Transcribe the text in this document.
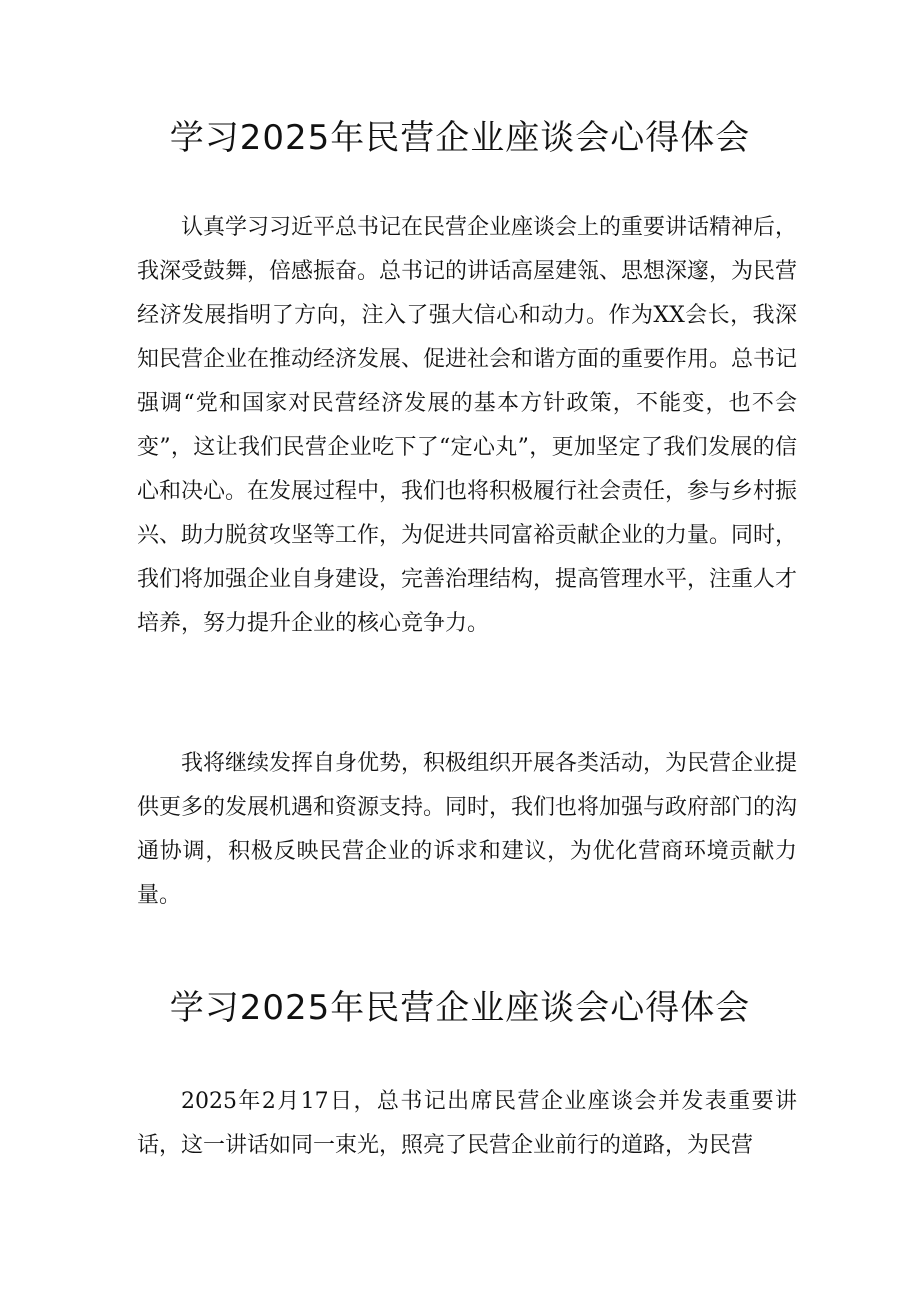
学习2025年民营企业座谈会心得体会

认真学习习近平总书记在民营企业座谈会上的重要讲话精神后，我深受鼓舞，倍感振奋。总书记的讲话高屋建瓴、思想深邃，为民营经济发展指明了方向，注入了强大信心和动力。作为XX会长，我深知民营企业在推动经济发展、促进社会和谐方面的重要作用。总书记强调“党和国家对民营经济发展的基本方针政策，不能变，也不会变”，这让我们民营企业吃下了“定心丸”，更加坚定了我们发展的信心和决心。在发展过程中，我们也将积极履行社会责任，参与乡村振兴、助力脱贫攻坚等工作，为促进共同富裕贡献企业的力量。同时，我们将加强企业自身建设，完善治理结构，提高管理水平，注重人才培养，努力提升企业的核心竞争力。

我将继续发挥自身优势，积极组织开展各类活动，为民营企业提供更多的发展机遇和资源支持。同时，我们也将加强与政府部门的沟通协调，积极反映民营企业的诉求和建议，为优化营商环境贡献力量。

学习2025年民营企业座谈会心得体会

2025年2月17日，总书记出席民营企业座谈会并发表重要讲话，这一讲话如同一束光，照亮了民营企业前行的道路，为民营
